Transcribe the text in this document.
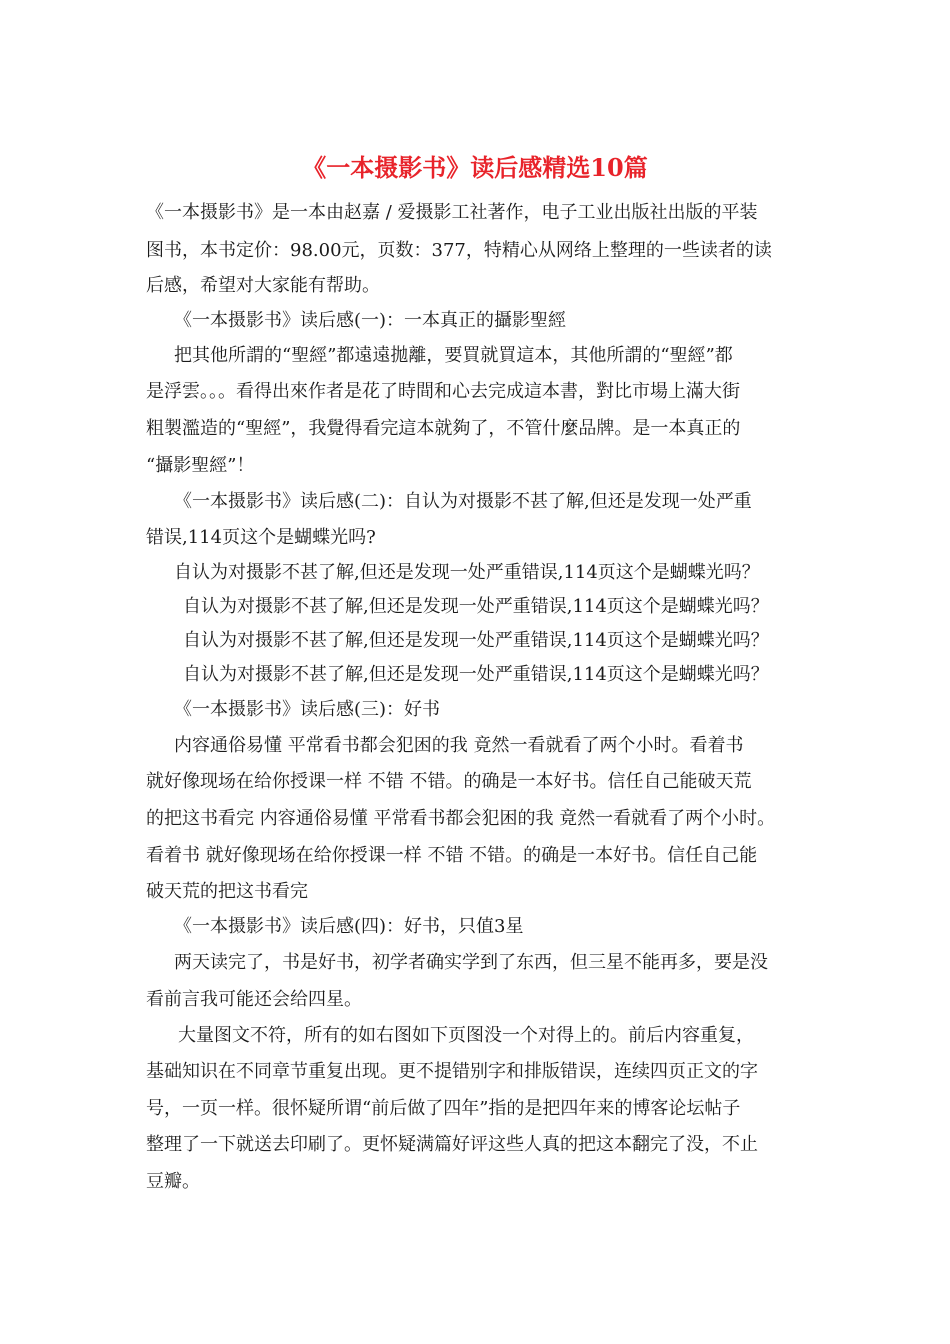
《一本摄影书》读后感精选10篇
《一本摄影书》是一本由赵嘉 / 爱摄影工社著作，电子工业出版社出版的平装
图书，本书定价：98.00元，页数：377，特精心从网络上整理的一些读者的读
后感，希望对大家能有帮助。
《一本摄影书》读后感(一)：一本真正的攝影聖經
把其他所謂的“聖經”都遠遠拋離，要買就買這本，其他所謂的“聖經”都
是浮雲。。。看得出來作者是花了時間和心去完成這本書，對比市場上滿大街
粗製濫造的“聖經”，我覺得看完這本就夠了，不管什麼品牌。是一本真正的
“攝影聖經”！
《一本摄影书》读后感(二)：自认为对摄影不甚了解,但还是发现一处严重
错误,114页这个是蝴蝶光吗?
自认为对摄影不甚了解,但还是发现一处严重错误,114页这个是蝴蝶光吗？
自认为对摄影不甚了解,但还是发现一处严重错误,114页这个是蝴蝶光吗？
自认为对摄影不甚了解,但还是发现一处严重错误,114页这个是蝴蝶光吗？
自认为对摄影不甚了解,但还是发现一处严重错误,114页这个是蝴蝶光吗？
《一本摄影书》读后感(三)：好书
内容通俗易懂 平常看书都会犯困的我 竟然一看就看了两个小时。看着书
就好像现场在给你授课一样 不错 不错。的确是一本好书。信任自己能破天荒
的把这书看完 内容通俗易懂 平常看书都会犯困的我 竟然一看就看了两个小时。
看着书 就好像现场在给你授课一样 不错 不错。的确是一本好书。信任自己能
破天荒的把这书看完
《一本摄影书》读后感(四)：好书，只值3星
两天读完了，书是好书，初学者确实学到了东西，但三星不能再多，要是没
看前言我可能还会给四星。
大量图文不符，所有的如右图如下页图没一个对得上的。前后内容重复，
基础知识在不同章节重复出现。更不提错别字和排版错误，连续四页正文的字
号，一页一样。很怀疑所谓“前后做了四年”指的是把四年来的博客论坛帖子
整理了一下就送去印刷了。更怀疑满篇好评这些人真的把这本翻完了没，不止
豆瓣。
